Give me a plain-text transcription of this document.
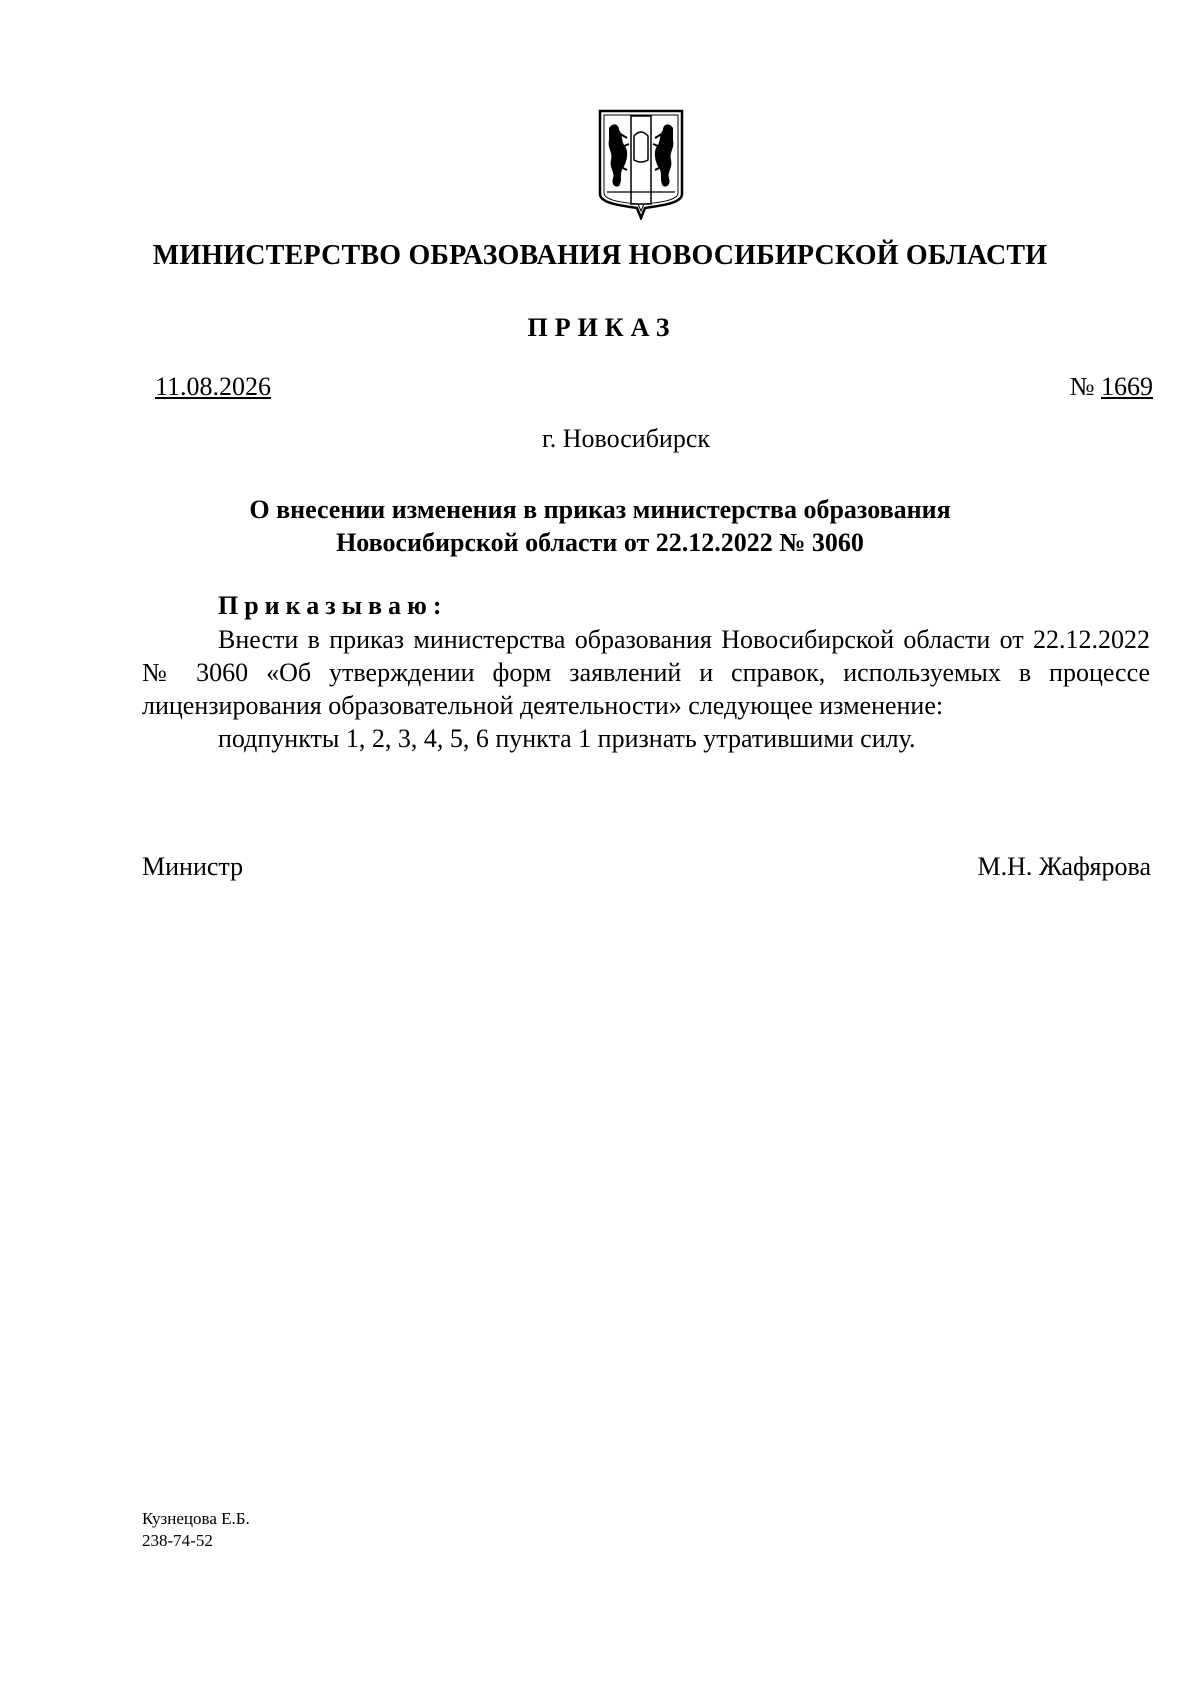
МИНИСТЕРСТВО ОБРАЗОВАНИЯ НОВОСИБИРСКОЙ ОБЛАСТИ
ПРИКАЗ
11.08.2026	№ 1669
г. Новосибирск
О внесении изменения в приказ министерства образования
Новосибирской области от 22.12.2022 № 3060
Приказываю:

Внести в приказ министерства образования Новосибирской области от 22.12.2022 № 3060 «Об утверждении форм заявлений и справок, используемых в процессе лицензирования образовательной деятельности» следующее изменение:

подпункты 1, 2, 3, 4, 5, 6 пункта 1 признать утратившими силу.

Министр	М.Н. Жафярова
Кузнецова Е.Б.
238-74-52
